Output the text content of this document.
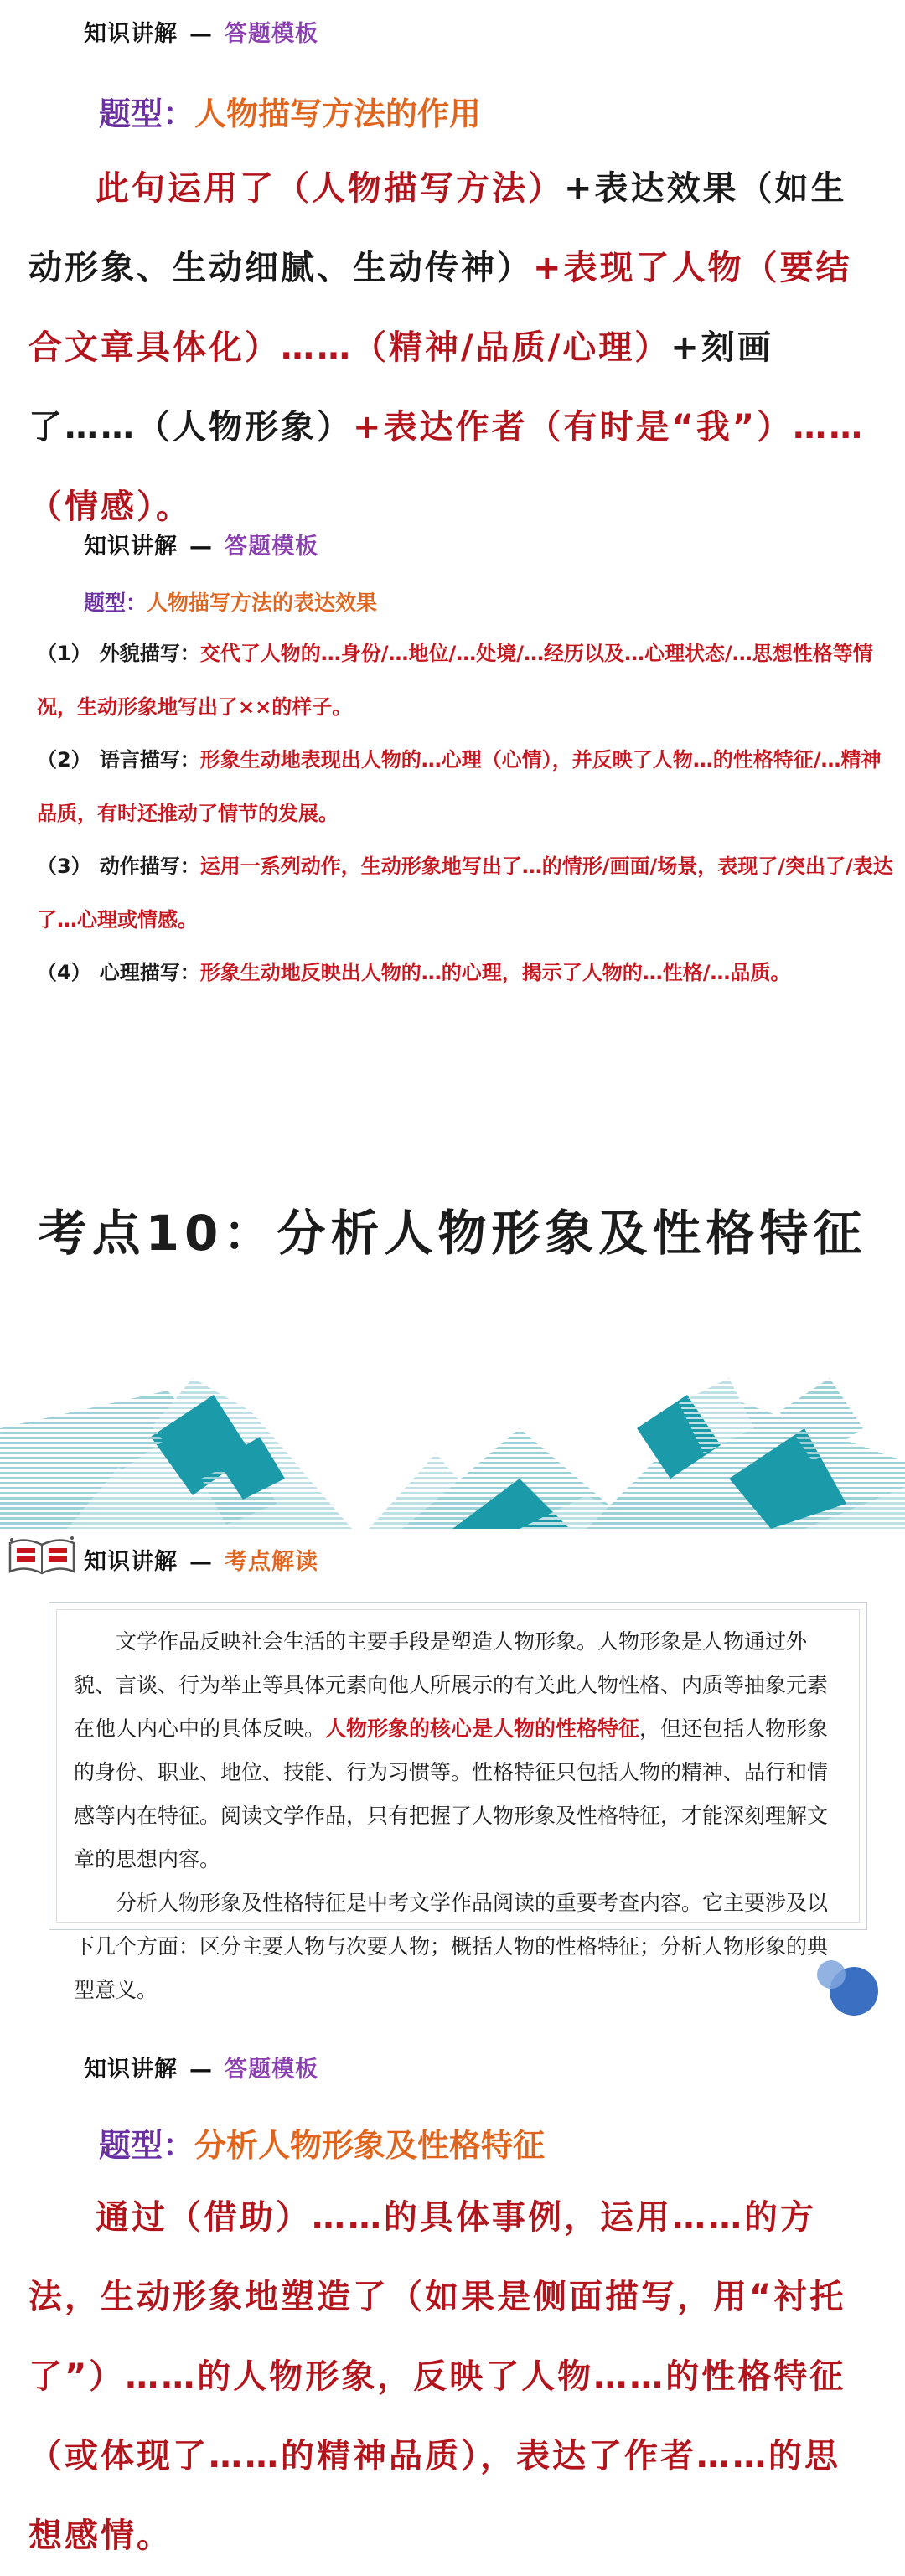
知识讲解 — 答题模板
题型：人物描写方法的作用
此句运用了（人物描写方法）+表达效果（如生动形象、生动细腻、生动传神）+表现了人物（要结合文章具体化）……（精神/品质/心理）+刻画了……（人物形象）+表达作者（有时是“我”）……（情感）。
知识讲解 — 答题模板
题型：人物描写方法的表达效果
（1） 外貌描写：交代了人物的…身份/…地位/…处境/…经历以及…心理状态/…思想性格等情况，生动形象地写出了××的样子。
（2） 语言描写：形象生动地表现出人物的…心理（心情），并反映了人物…的性格特征/…精神品质，有时还推动了情节的发展。
（3） 动作描写：运用一系列动作，生动形象地写出了…的情形/画面/场景，表现了/突出了/表达了…心理或情感。
（4） 心理描写：形象生动地反映出人物的…的心理，揭示了人物的…性格/…品质。
考点10：分析人物形象及性格特征
知识讲解 — 考点解读

文学作品反映社会生活的主要手段是塑造人物形象。人物形象是人物通过外貌、言谈、行为举止等具体元素向他人所展示的有关此人物性格、内质等抽象元素在他人内心中的具体反映。人物形象的核心是人物的性格特征，但还包括人物形象的身份、职业、地位、技能、行为习惯等。性格特征只包括人物的精神、品行和情感等内在特征。阅读文学作品，只有把握了人物形象及性格特征，才能深刻理解文章的思想内容。

分析人物形象及性格特征是中考文学作品阅读的重要考查内容。它主要涉及以下几个方面：区分主要人物与次要人物；概括人物的性格特征；分析人物形象的典型意义。

知识讲解 — 答题模板
题型：分析人物形象及性格特征
通过（借助）……的具体事例，运用……的方法，生动形象地塑造了（如果是侧面描写，用“衬托了”）……的人物形象，反映了人物……的性格特征（或体现了……的精神品质），表达了作者……的思想感情。
